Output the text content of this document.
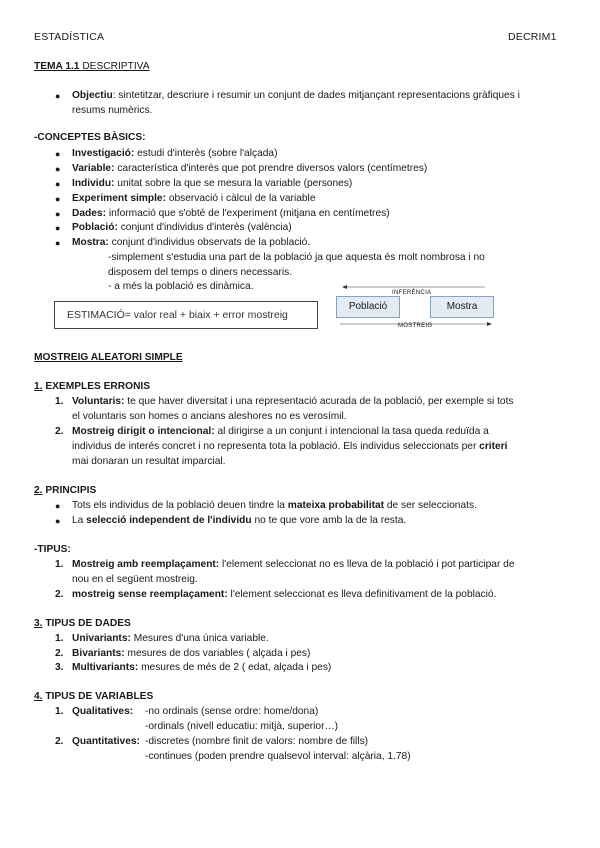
ESTADÍSTICA	DECRIM1
TEMA 1.1 DESCRIPTIVA
● Objectiu: sintetitzar, descriure i resumir un conjunt de dades mitjançant representacions gràfiques i
resums numèrics.
-CONCEPTES BÀSICS:
● Investigació: estudi d'interès (sobre l'alçada)
● Variable: característica d'interès que pot prendre diversos valors (centímetres)
● Individu: unitat sobre la que se mesura la variable (persones)
● Experiment simple: observació i càlcul de la variable
● Dades: informació que s'obté de l'experiment (mitjana en centímetres)
● Població: conjunt d'individus d'interès (valència)
● Mostra: conjunt d'individus observats de la població.
-simplement s'estudia una part de la població ja que aquesta és molt nombrosa i no
disposem del temps o diners necessaris.
- a més la població es dinàmica.
ESTIMACIÓ= valor real + biaix + error mostreig
INFERÈNCIA
Població	Mostra
MOSTREIG
MOSTREIG ALEATORI SIMPLE
1. EXEMPLES ERRONIS
1. Voluntaris: te que haver diversitat i una representació acurada de la població, per exemple si tots
el voluntaris son homes o ancians aleshores no es verosímil.
2. Mostreig dirigit o intencional: al dirigirse a un conjunt i intencional la tasa queda reduïda a
individus de interés concret i no representa tota la població. Els individus seleccionats per criteri
mai donaran un resultat imparcial.
2. PRINCIPIS
● Tots els individus de la població deuen tindre la mateixa probabilitat de ser seleccionats.
● La selecció independent de l'individu no te que vore amb la de la resta.
-TIPUS:
1. Mostreig amb reemplaçament: l'element seleccionat no es lleva de la població i pot participar de
nou en el següent mostreig.
2. mostreig sense reemplaçament: l'element seleccionat es lleva definitivament de la població.
3. TIPUS DE DADES
1. Univariants: Mesures d'una única variable.
2. Bivariants: mesures de dos variables ( alçada i pes)
3. Multivariants: mesures de més de 2 ( edat, alçada i pes)
4. TIPUS DE VARIABLES
1. Qualitatives: -no ordinals (sense ordre: home/dona)
-ordinals (nivell educatiu: mitjà, superior…)
2. Quantitatives: -discretes (nombre finit de valors: nombre de fills)
-continues (poden prendre qualsevol interval: alçària, 1.78)
